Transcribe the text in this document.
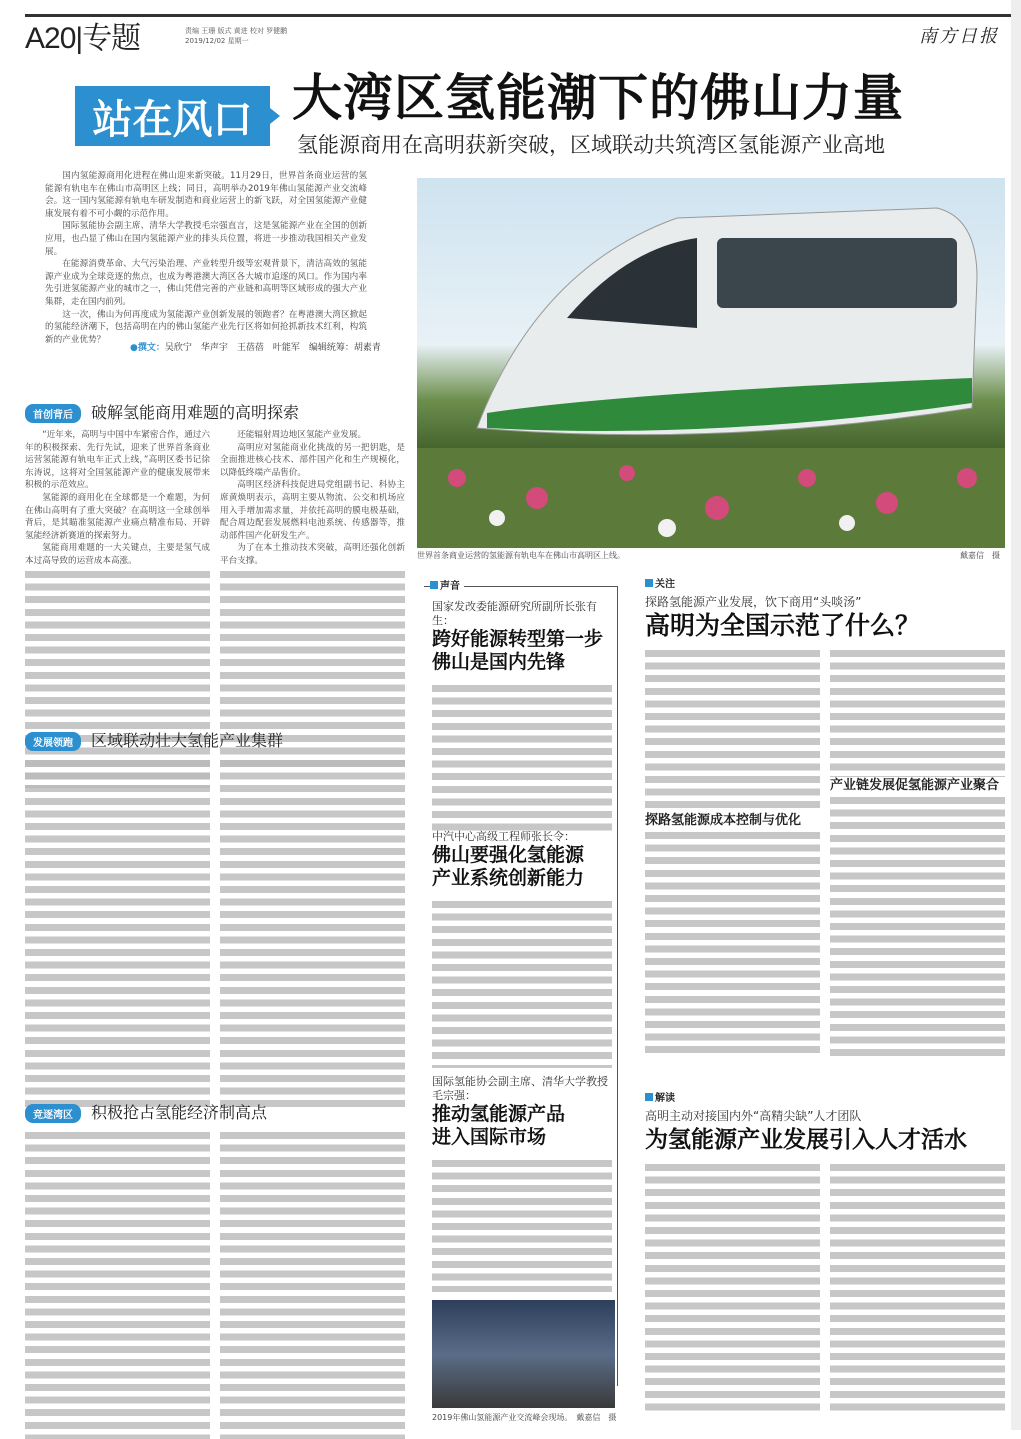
A20|专题	责编 王珊 版式 黄进 校对 罗健鹏
2019/12/02 星期一	南方日报
站在风口 大湾区氢能潮下的佛山力量
氢能源商用在高明获新突破，区域联动共筑湾区氢能源产业高地

国内氢能源商用化进程在佛山迎来新突破。11月29日，世界首条商业运营的氢能源有轨电车在佛山市高明区上线；同日，高明举办2019年佛山氢能源产业交流峰会。这一国内氢能源有轨电车研发制造和商业运营上的新飞跃，对全国氢能源产业健康发展有着不可小觑的示范作用。

国际氢能协会副主席、清华大学教授毛宗强直言，这是氢能源产业在全国的创新应用，也凸显了佛山在国内氢能源产业的排头兵位置，将进一步推动我国相关产业发展。

在能源消费革命、大气污染治理、产业转型升级等宏观背景下，清洁高效的氢能源产业成为全球竞逐的焦点，也成为粤港澳大湾区各大城市追逐的风口。作为国内率先引进氢能源产业的城市之一，佛山凭借完善的产业链和高明等区域形成的强大产业集群，走在国内前列。

这一次，佛山为何再度成为氢能源产业创新发展的领跑者？在粤港澳大湾区掀起的氢能经济潮下，包括高明在内的佛山氢能产业先行区将如何抢抓新技术红利，构筑新的产业优势？

●撰文：吴欣宁　华声宇　王蓓蓓　叶能军　编辑统筹：胡素青
世界首条商业运营的氢能源有轨电车在佛山市高明区上线。	戴嘉信　摄
首创背后 破解氢能商用难题的高明探索

“近年来，高明与中国中车紧密合作，通过六年的积极探索、先行先试，迎来了世界首条商业运营氢能源有轨电车正式上线，”高明区委书记徐东涛说，这将对全国氢能源产业的健康发展带来积极的示范效应。

氢能源的商用化在全球都是一个难题，为何在佛山高明有了重大突破？在高明这一全球创举背后，是其瞄准氢能源产业痛点精准布局、开辟氢能经济新赛道的探索努力。

氢能商用难题的一大关键点，主要是氢气成本过高导致的运营成本高涨。

还能辐射周边地区氢能产业发展。

高明应对氢能商业化挑战的另一把钥匙，是全面推进核心技术、部件国产化和生产规模化，以降低终端产品售价。

高明区经济科技促进局党组副书记、科协主席黄焕明表示，高明主要从物流、公交和机场应用入手增加需求量，并依托高明的膜电极基础，配合周边配套发展燃料电池系统、传感器等，推动部件国产化研发生产。

为了在本土推动技术突破，高明还强化创新平台支撑。

发展领跑 区域联动壮大氢能产业集群
竞逐湾区 积极抢占氢能经济制高点
声音
国家发改委能源研究所副所长张有生：
跨好能源转型第一步
佛山是国内先锋
中汽中心高级工程师张长令：
佛山要强化氢能源
产业系统创新能力
国际氢能协会副主席、清华大学教授毛宗强：
推动氢能源产品
进入国际市场
2019年佛山氢能源产业交流峰会现场。　 戴嘉信　摄
关注
探路氢能源产业发展，饮下商用“头啖汤”
高明为全国示范了什么？
探路氢能源成本控制与优化
产业链发展促氢能源产业聚合
解读
高明主动对接国内外“高精尖缺”人才团队
为氢能源产业发展引入人才活水
